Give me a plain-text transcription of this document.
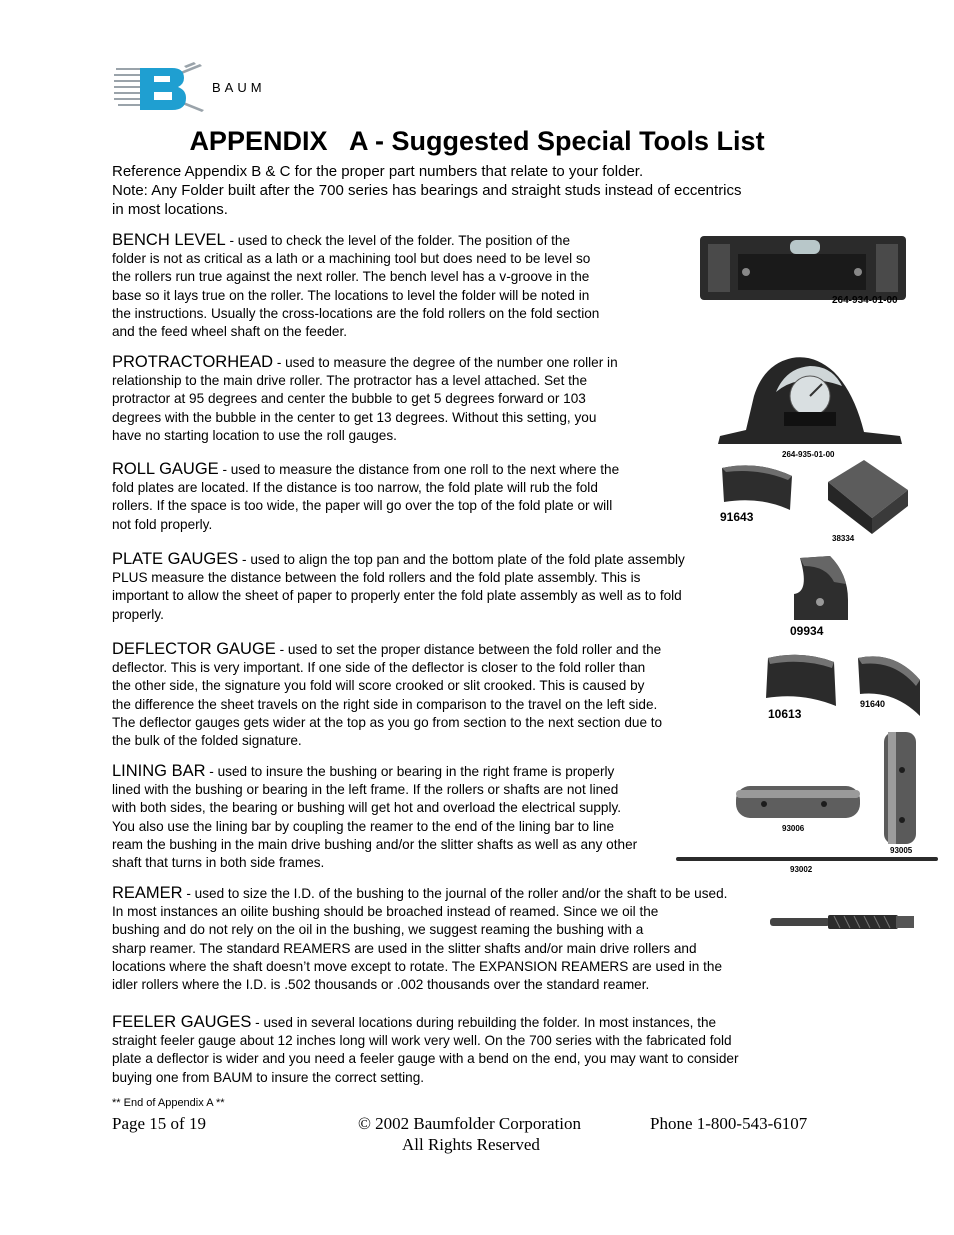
BAUM
APPENDIX A - Suggested Special Tools List
Reference Appendix B & C for the proper part numbers that relate to your folder.
Note: Any Folder built after the 700 series has bearings and straight studs instead of eccentrics
in most locations.
BENCH LEVEL - used to check the level of the folder. The position of the
folder is not as critical as a lath or a machining tool but does need to be level so
the rollers run true against the next roller. The bench level has a v-groove in the
base so it lays true on the roller. The locations to level the folder will be noted in
the instructions. Usually the cross-locations are the fold rollers on the fold section
and the feed wheel shaft on the feeder.
264-934-01-00
PROTRACTORHEAD - used to measure the degree of the number one roller in
relationship to the main drive roller. The protractor has a level attached. Set the
protractor at 95 degrees and center the bubble to get 5 degrees forward or 103
degrees with the bubble in the center to get 13 degrees. Without this setting, you
have no starting location to use the roll gauges.
264-935-01-00
ROLL GAUGE - used to measure the distance from one roll to the next where the
fold plates are located. If the distance is too narrow, the fold plate will rub the fold
rollers. If the space is too wide, the paper will go over the top of the fold plate or will
not fold properly.	91643
38334
PLATE GAUGES - used to align the top pan and the bottom plate of the fold plate assembly
PLUS measure the distance between the fold rollers and the fold plate assembly. This is
important to allow the sheet of paper to properly enter the fold plate assembly as well as to fold
properly.
09934
DEFLECTOR GAUGE - used to set the proper distance between the fold roller and the
deflector. This is very important. If one side of the deflector is closer to the fold roller than
the other side, the signature you fold will score crooked or slit crooked. This is caused by
the difference the sheet travels on the right side in comparison to the travel on the left side.
The deflector gauges gets wider at the top as you go from section to the next section due to
the bulk of the folded signature.
10613
91640
LINING BAR - used to insure the bushing or bearing in the right frame is properly
lined with the bushing or bearing in the left frame. If the rollers or shafts are not lined
with both sides, the bearing or bushing will get hot and overload the electrical supply.
You also use the lining bar by coupling the reamer to the end of the lining bar to line
ream the bushing in the main drive bushing and/or the slitter shafts as well as any other
shaft that turns in both side frames.
93006
93005
93002
REAMER - used to size the I.D. of the bushing to the journal of the roller and/or the shaft to be used.
In most instances an oilite bushing should be broached instead of reamed. Since we oil the
bushing and do not rely on the oil in the bushing, we suggest reaming the bushing with a
sharp reamer. The standard REAMERS are used in the slitter shafts and/or main drive rollers and
locations where the shaft doesn’t move except to rotate. The EXPANSION REAMERS are used in the
idler rollers where the I.D. is .502 thousands or .002 thousands over the standard reamer.
FEELER GAUGES - used in several locations during rebuilding the folder. In most instances, the
straight feeler gauge about 12 inches long will work very well. On the 700 series with the fabricated fold
plate a deflector is wider and you need a feeler gauge with a bend on the end, you may want to consider
buying one from BAUM to insure the correct setting.
** End of Appendix A **
Page 15 of 19	© 2002 Baumfolder Corporation	Phone 1-800-543-6107
All Rights Reserved
